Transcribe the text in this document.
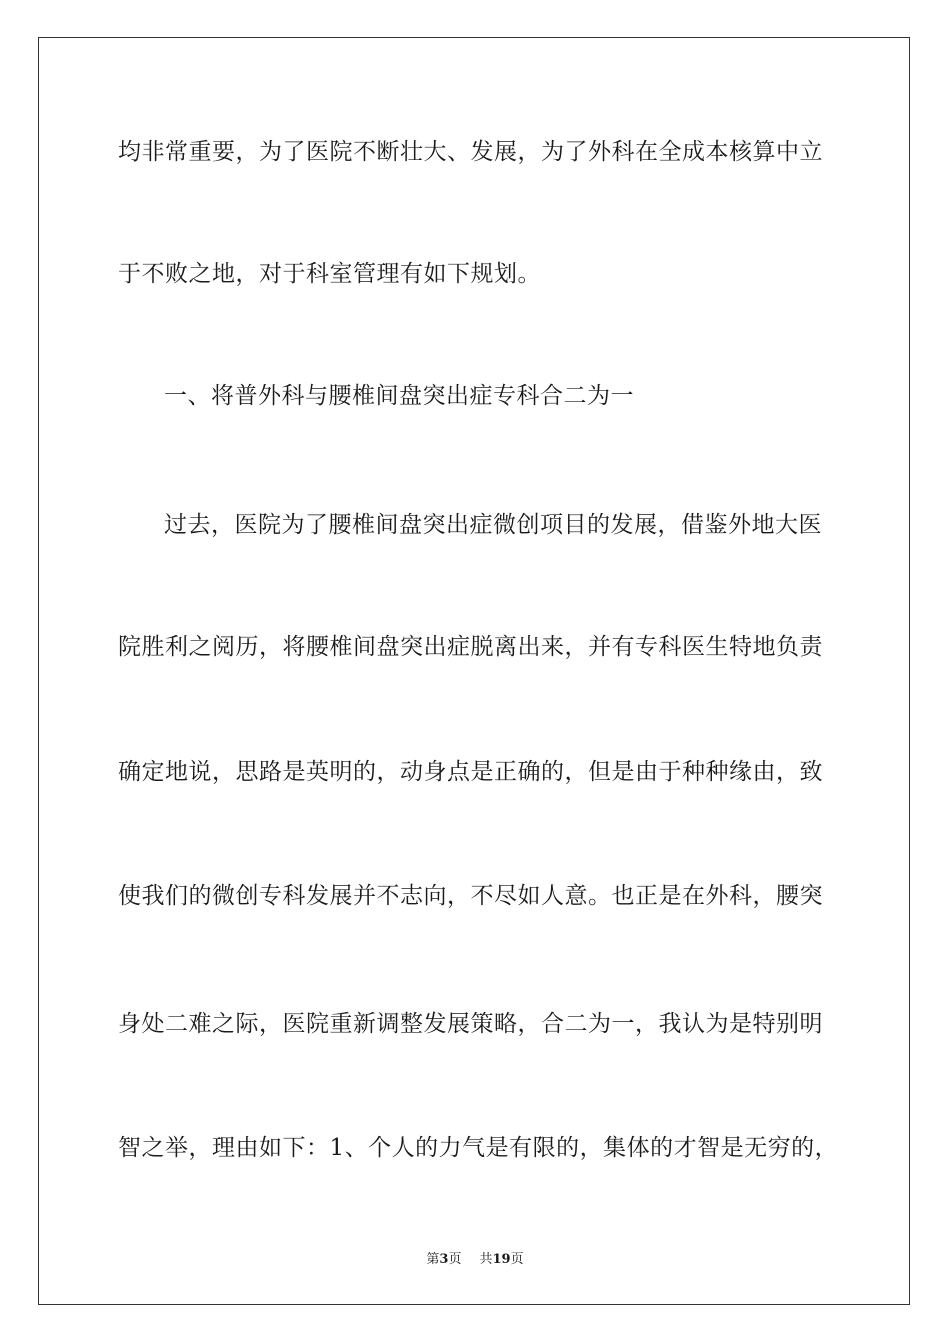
均非常重要，为了医院不断壮大、发展，为了外科在全成本核算中立
于不败之地，对于科室管理有如下规划。
一、将普外科与腰椎间盘突出症专科合二为一
过去，医院为了腰椎间盘突出症微创项目的发展，借鉴外地大医
院胜利之阅历，将腰椎间盘突出症脱离出来，并有专科医生特地负责
确定地说，思路是英明的，动身点是正确的，但是由于种种缘由，致
使我们的微创专科发展并不志向，不尽如人意。也正是在外科，腰突
身处二难之际，医院重新调整发展策略，合二为一，我认为是特别明
智之举，理由如下：1、个人的力气是有限的，集体的才智是无穷的，
第3页 共19页
